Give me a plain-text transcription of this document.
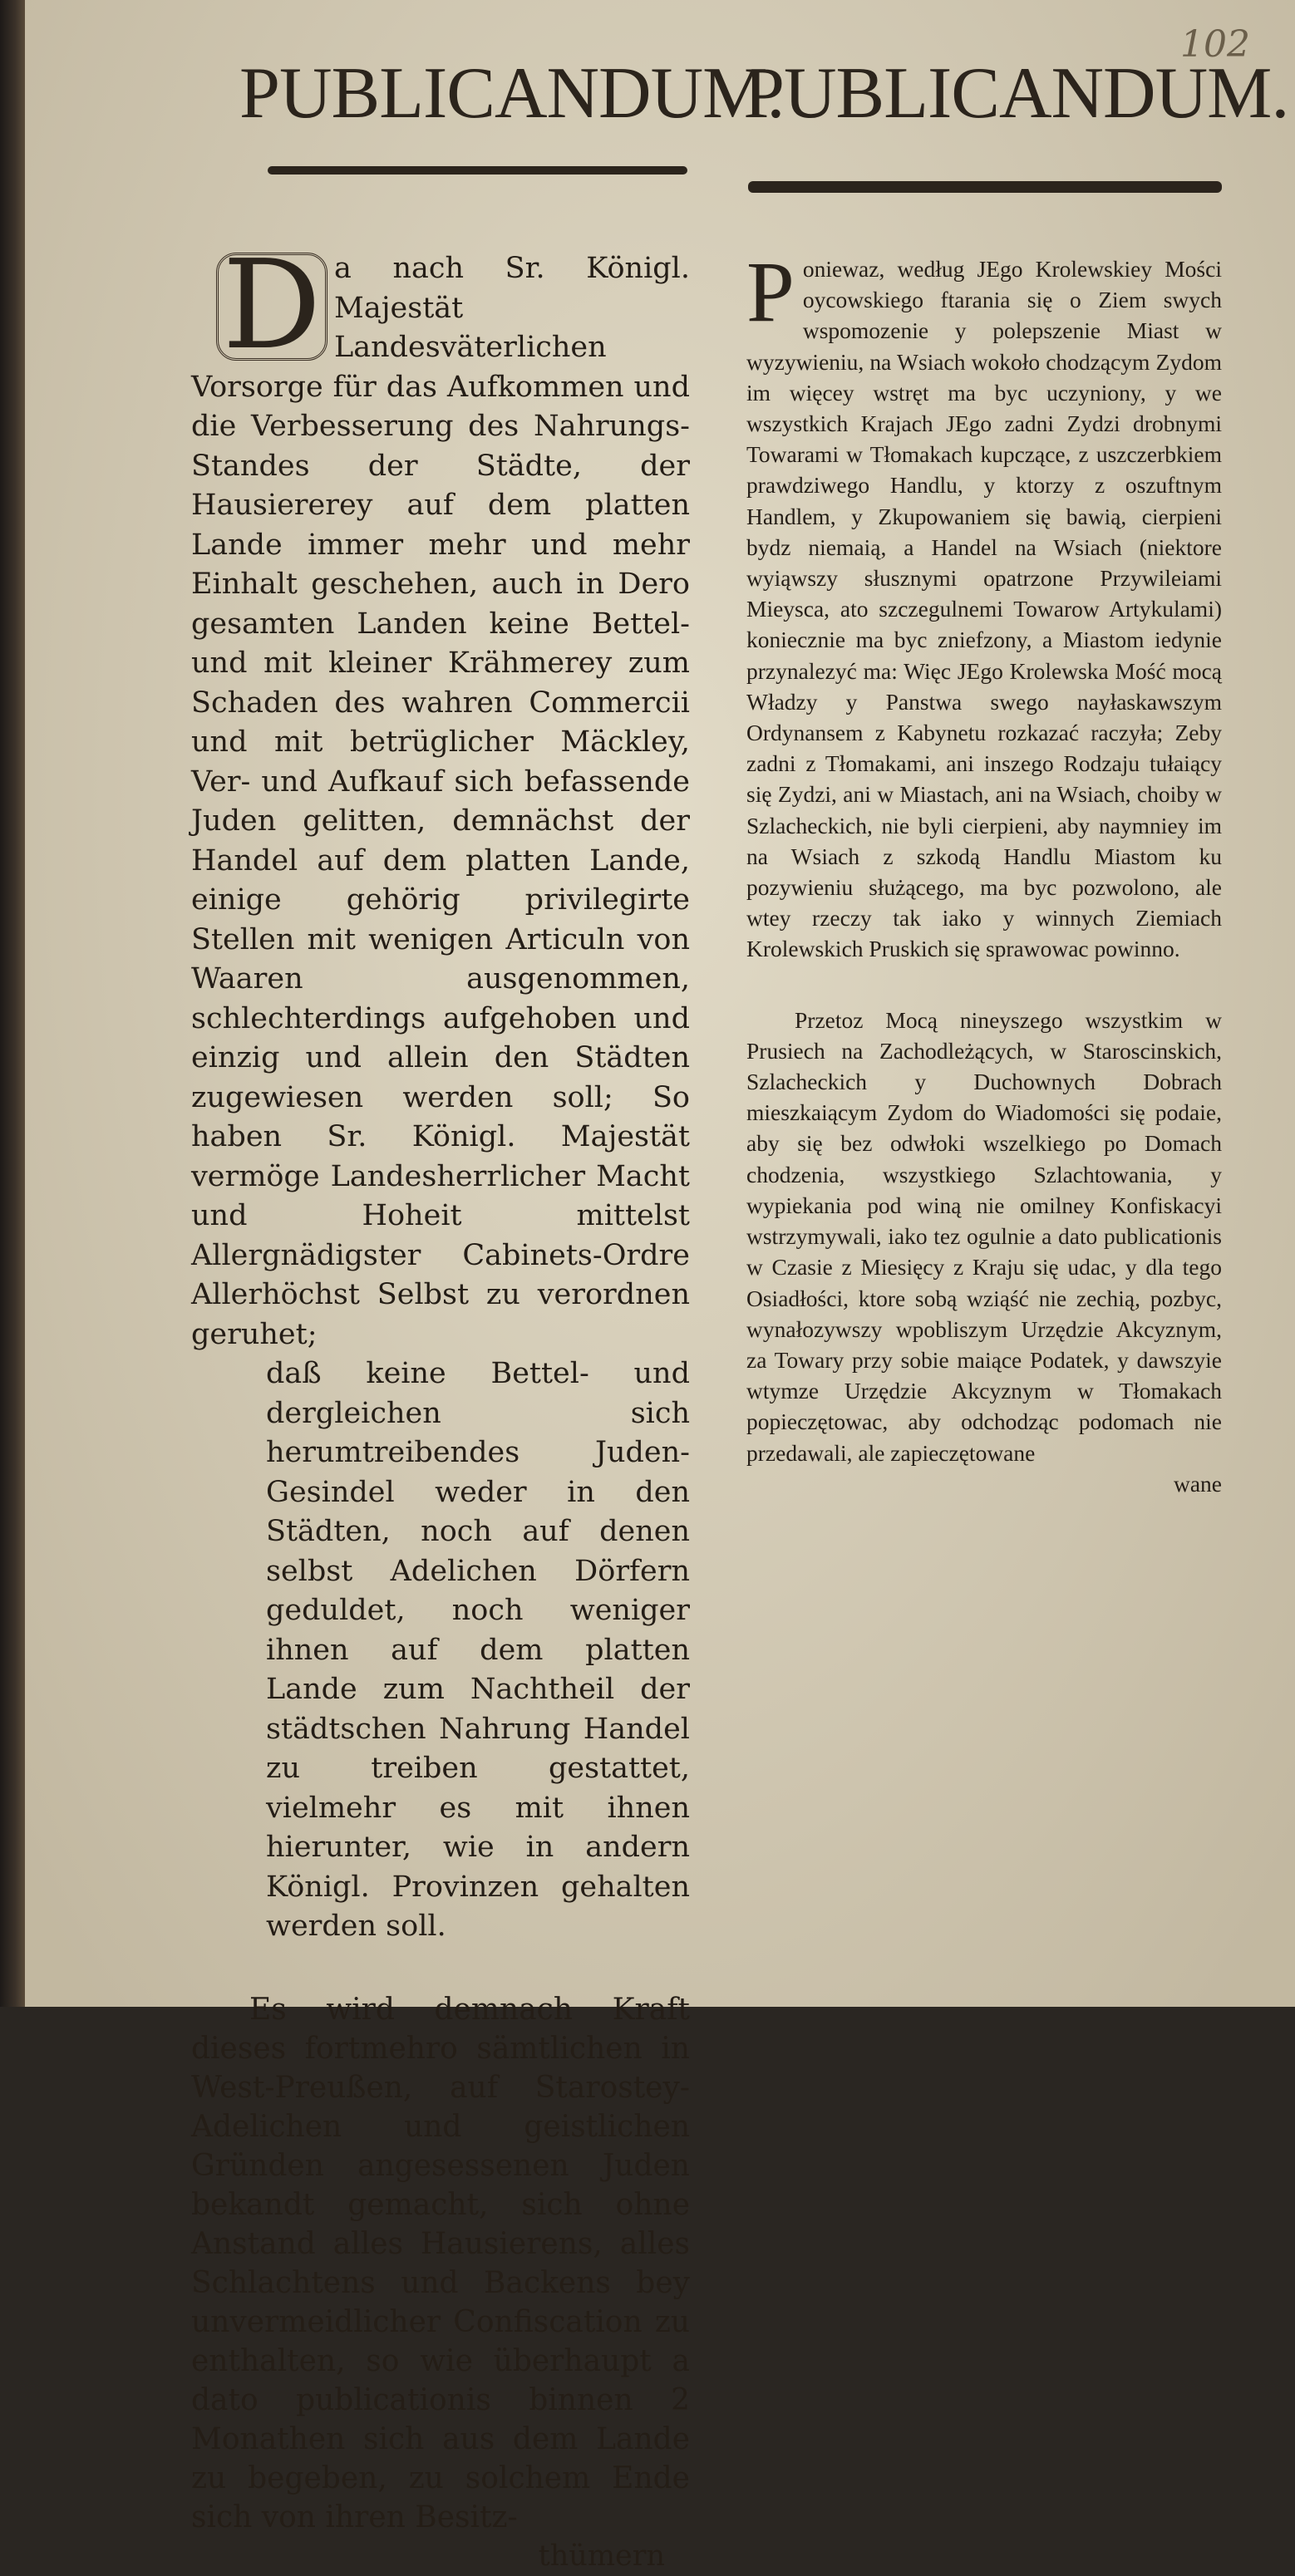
102
PUBLICANDUM.
PUBLICANDUM.

D a nach Sr. Königl. Majestät Landesväterlichen Vorsorge für das Aufkommen und die Verbesserung des Nahrungs-Standes der Städte, der Hausiererey auf dem platten Lande immer mehr und mehr Einhalt geschehen, auch in Dero gesamten Landen keine Bettel- und mit kleiner Krähmerey zum Schaden des wahren Commercii und mit betrüglicher Mäckley, Ver- und Aufkauf sich befassende Juden gelitten, demnächst der Handel auf dem platten Lande, einige gehörig privilegirte Stellen mit wenigen Articuln von Waaren ausgenommen, schlechterdings aufgehoben und einzig und allein den Städten zugewiesen werden soll; So haben Sr. Königl. Majestät vermöge Landesherrlicher Macht und Hoheit mittelst Allergnädigster Cabinets-Ordre Allerhöchst Selbst zu verordnen geruhet;

daß keine Bettel- und dergleichen sich herumtreibendes Juden-Gesindel weder in den Städten, noch auf denen selbst Adelichen Dörfern geduldet, noch weniger ihnen auf dem platten Lande zum Nachtheil der städtschen Nahrung Handel zu treiben gestattet, vielmehr es mit ihnen hierunter, wie in andern Königl. Provinzen gehalten werden soll.

Es wird demnach Kraft dieses fortmehro sämtlichen in West-Preußen, auf Starostey- Adelichen und geistlichen Gründen angesessenen Juden bekandt gemacht, sich ohne Anstand alles Hausierens, alles Schlachtens und Backens bey unvermeidlicher Confiscation zu enthalten, so wie überhaupt a dato publicationis binnen 2 Monathen sich aus dem Lande zu begeben, zu solchem Ende sich von ihren Besitz-

thümern

Poniewaz, według JEgo Krolewskiey Mości oycowskiego ftarania się o Ziem swych wspomozenie y polepszenie Miast w wyzywieniu, na Wsiach wokoło chodzącym Zydom im więcey wstręt ma byc uczyniony, y we wszystkich Krajach JEgo zadni Zydzi drobnymi Towarami w Tłomakach kupczące, z uszczerbkiem prawdziwego Handlu, y ktorzy z oszuftnym Handlem, y Zkupowaniem się bawią, cierpieni bydz niemaią, a Handel na Wsiach (niektore wyiąwszy słusznymi opatrzone Przywileiami Mieysca, ato szczegulnemi Towarow Artykulami) koniecznie ma byc zniefzony, a Miastom iedynie przynalezyć ma: Więc JEgo Krolewska Mość mocą Władzy y Panstwa swego nayłaskawszym Ordynansem z Kabynetu rozkazać raczyła; Zeby zadni z Tłomakami, ani inszego Rodzaju tułaiący się Zydzi, ani w Miastach, ani na Wsiach, choiby w Szlacheckich, nie byli cierpieni, aby naymniey im na Wsiach z szkodą Handlu Miastom ku pozywieniu służącego, ma byc pozwolono, ale wtey rzeczy tak iako y winnych Ziemiach Krolewskich Pruskich się sprawowac powinno.

Przetoz Mocą nineyszego wszystkim w Prusiech na Zachodleżących, w Staroscinskich, Szlacheckich y Duchownych Dobrach mieszkaiącym Zydom do Wiadomości się podaie, aby się bez odwłoki wszelkiego po Domach chodzenia, wszystkiego Szlachtowania, y wypiekania pod winą nie omilney Konfiskacyi wstrzymywali, iako tez ogulnie a dato publicationis w Czasie z Miesięcy z Kraju się udac, y dla tego Osiadłości, ktore sobą wziąść nie zechią, pozbyc, wynałozywszy wpobliszym Urzędzie Akcyznym, za Towary przy sobie maiące Podatek, y dawszyie wtymze Urzędzie Akcyznym w Tłomakach popieczętowac, aby odchodząc podomach nie przedawali, ale zapieczętowane

wane
